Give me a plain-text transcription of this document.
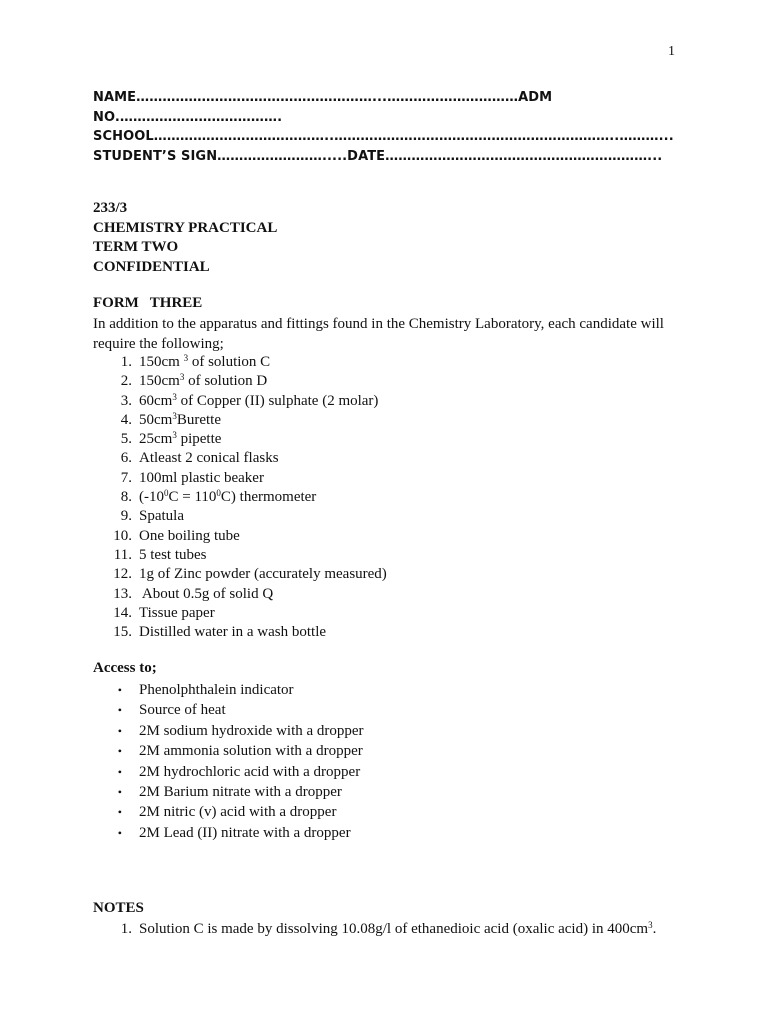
1
NAME………………………………………………...…………………………ADM
NO.……………………………….
SCHOOL…………………………………..………………………………………………………..………...
STUDENT’S SIGN…………………….....DATE……………………………………………………...
233/3
CHEMISTRY PRACTICAL
TERM TWO
CONFIDENTIAL
FORM   THREE
In addition to the apparatus and fittings found in the Chemistry Laboratory, each candidate will require the following;
1. 150cm $^3$ of solution C
2. $150cm^3$ of solution D
3. $60cm^3$ of Copper (II) sulphate (2 molar)
4. $50cm^3Burette$
5. $25cm^3$ pipette
6. Atleast 2 conical flasks
7. 100ml plastic beaker
8. $(-10^0C = 110^0C)$ thermometer
9. Spatula
10. One boiling tube
11. 5 test tubes
12. 1g of Zinc powder (accurately measured)
13. About 0.5g of solid Q
14. Tissue paper
15. Distilled water in a wash bottle
Access to;
•	Phenolphthalein indicator
•	Source of heat
•	2M sodium hydroxide with a dropper
•	2M ammonia solution with a dropper
•	2M hydrochloric acid with a dropper
•	2M Barium nitrate with a dropper
•	2M nitric (v) acid with a dropper
•	2M Lead (II) nitrate with a dropper
NOTES
1. Solution C is made by dissolving 10.08g/l of ethanedioic acid (oxalic acid) in $400cm^3$.
